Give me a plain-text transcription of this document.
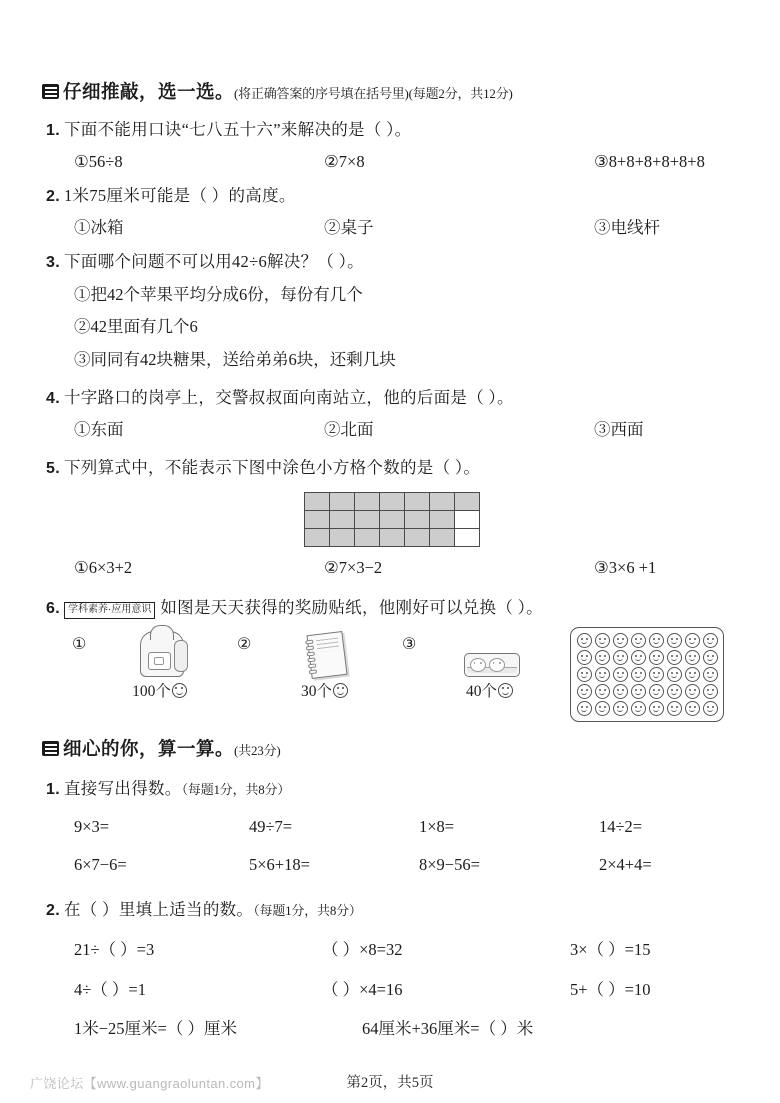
仔细推敲，选一选。 (将正确答案的序号填在括号里)(每题2分，共12分)
1. 下面不能用口诀“七八五十六”来解决的是（ ）。
①56÷8	②7×8	③8+8+8+8+8+8
2. 1米75厘米可能是（ ）的高度。
①冰箱	②桌子	③电线杆
3. 下面哪个问题不可以用42÷6解决？（ ）。
①把42个苹果平均分成6份，每份有几个
②42里面有几个6
③同同有42块糖果，送给弟弟6块，还剩几块
4. 十字路口的岗亭上，交警叔叔面向南站立，他的后面是（ ）。
①东面	②北面	③西面
5. 下列算式中，不能表示下图中涂色小方格个数的是（ ）。
①6×3+2	②7×3−2	③3×6 +1
6. 学科素养·应用意识 如图是天天获得的奖励贴纸，他刚好可以兑换（ ）。
①
100个
②
30个
③
40个
细心的你，算一算。 (共23分)
1. 直接写出得数。（每题1分，共8分）
9×3=	49÷7=	1×8=	14÷2=
6×7−6=	5×6+18=	8×9−56=	2×4+4=
2. 在（ ）里填上适当的数。（每题1分，共8分）
21÷（ ）=3	（ ）×8=32	3×（ ）=15
4÷（ ）=1	（ ）×4=16	5+（ ）=10
1米−25厘米=（ ）厘米	64厘米+36厘米=（ ）米
第2页，共5页
广饶论坛【www.guangraoluntan.com】
